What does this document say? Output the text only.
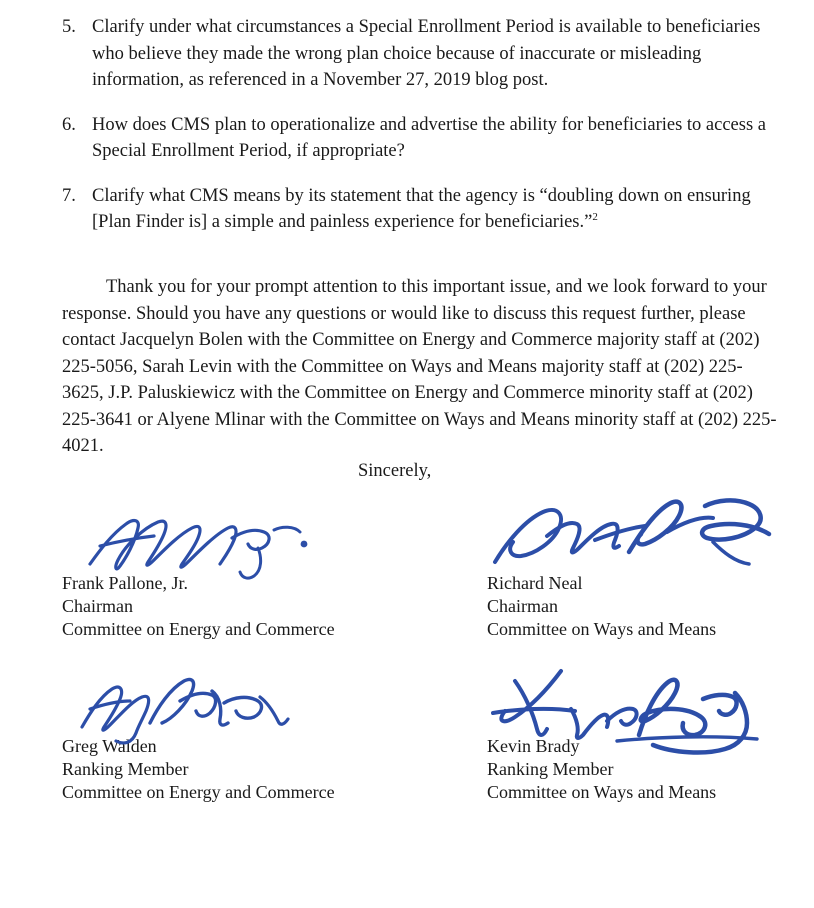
5. Clarify under what circumstances a Special Enrollment Period is available to beneficiaries who believe they made the wrong plan choice because of inaccurate or misleading information, as referenced in a November 27, 2019 blog post.
6. How does CMS plan to operationalize and advertise the ability for beneficiaries to access a Special Enrollment Period, if appropriate?
7. Clarify what CMS means by its statement that the agency is “doubling down on ensuring [Plan Finder is] a simple and painless experience for beneficiaries.”$^2$
Thank you for your prompt attention to this important issue, and we look forward to your response. Should you have any questions or would like to discuss this request further, please contact Jacquelyn Bolen with the Committee on Energy and Commerce majority staff at (202) 225-5056, Sarah Levin with the Committee on Ways and Means majority staff at (202) 225-3625, J.P. Paluskiewicz with the Committee on Energy and Commerce minority staff at (202) 225-3641 or Alyene Mlinar with the Committee on Ways and Means minority staff at (202) 225-4021.
Sincerely,
Frank Pallone, Jr.
Chairman
Committee on Energy and Commerce
Richard Neal
Chairman
Committee on Ways and Means
Greg Walden
Ranking Member
Committee on Energy and Commerce
Kevin Brady
Ranking Member
Committee on Ways and Means
